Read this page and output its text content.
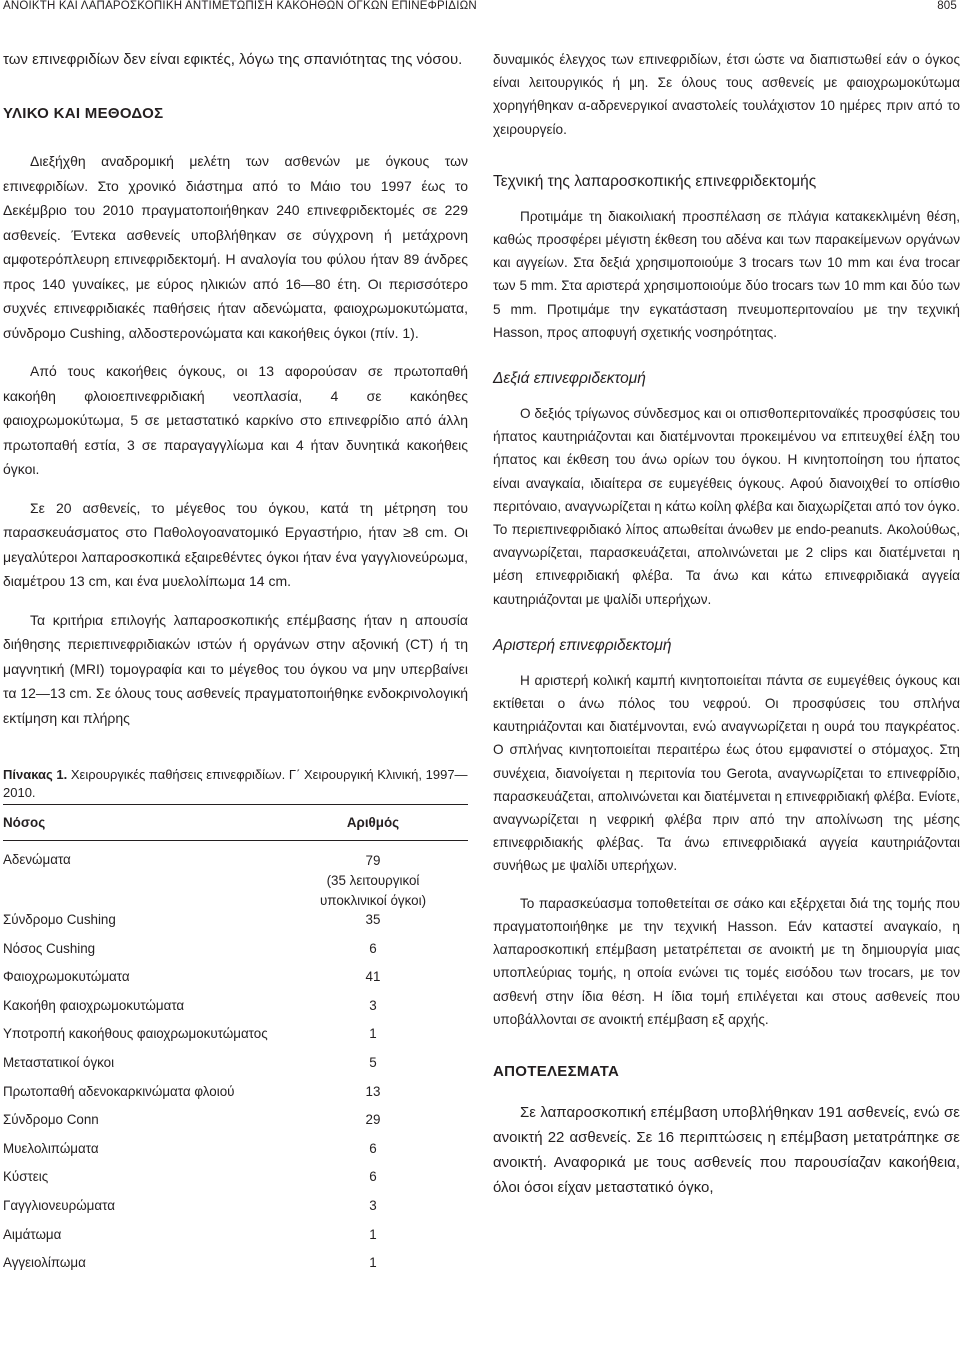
ΑΝΟΙΚΤΗ ΚΑΙ ΛΑΠΑΡΟΣΚΟΠΙΚΗ ΑΝΤΙΜΕΤΩΠΙΣΗ ΚΑΚΟΗΘΩΝ ΟΓΚΩΝ ΕΠΙΝΕΦΡΙΔΙΩΝ	805

των επινεφριδίων δεν είναι εφικτές, λόγω της σπανιότητας της νόσου.

ΥΛΙΚΟ ΚΑΙ ΜΕΘΟΔΟΣ

Διεξήχθη αναδρομική μελέτη των ασθενών με όγκους των επινεφριδίων. Στο χρονικό διάστημα από το Μάιο του 1997 έως το Δεκέμβριο του 2010 πραγματοποιήθηκαν 240 επινεφριδεκτομές σε 229 ασθενείς. Έντεκα ασθενείς υποβλήθηκαν σε σύγχρονη ή μετάχρονη αμφοτερόπλευρη επινεφριδεκτομή. Η αναλογία του φύλου ήταν 89 άνδρες προς 140 γυναίκες, με εύρος ηλικιών από 16—80 έτη. Οι περισσότερο συχνές επινεφριδιακές παθήσεις ήταν αδενώματα, φαιοχρωμοκυτώματα, σύνδρομο Cushing, αλδοστερονώματα και κακοήθεις όγκοι (πίν. 1).

Από τους κακοήθεις όγκους, οι 13 αφορούσαν σε πρωτοπαθή κακοήθη φλοιοεπινεφριδιακή νεοπλασία, 4 σε κακόηθες φαιοχρωμοκύτωμα, 5 σε μεταστατικό καρκίνο στο επινεφρίδιο από άλλη πρωτοπαθή εστία, 3 σε παραγαγγλίωμα και 4 ήταν δυνητικά κακοήθεις όγκοι.

Σε 20 ασθενείς, το μέγεθος του όγκου, κατά τη μέτρηση του παρασκευάσματος στο Παθολογοανατομικό Εργαστήριο, ήταν ≥8 cm. Οι μεγαλύτεροι λαπαροσκοπικά εξαιρεθέντες όγκοι ήταν ένα γαγγλιονεύρωμα, διαμέτρου 13 cm, και ένα μυελολίπωμα 14 cm.

Τα κριτήρια επιλογής λαπαροσκοπικής επέμβασης ήταν η απουσία διήθησης περιεπινεφριδιακών ιστών ή οργάνων στην αξονική (CT) ή τη μαγνητική (MRI) τομογραφία και το μέγεθος του όγκου να μην υπερβαίνει τα 12—13 cm. Σε όλους τους ασθενείς πραγματοποιήθηκε ενδοκρινολογική εκτίμηση και πλήρης

Πίνακας 1. Χειρουργικές παθήσεις επινεφριδίων. Γ΄ Χειρουργική Κλινική, 1997—2010.

Νόσος	Αριθμός
Αδενώματα	79
(35 λειτουργικοί
υποκλινικοί όγκοι)

Σύνδρομο Cushing	35
Νόσος Cushing	6
Φαιοχρωμοκυτώματα	41
Κακοήθη φαιοχρωμοκυτώματα	3
Υποτροπή κακοήθους φαιοχρωμοκυτώματος	1
Μεταστατικοί όγκοι	5
Πρωτοπαθή αδενοκαρκινώματα φλοιού	13
Σύνδρομο Conn	29
Μυελολιπώματα	6
Κύστεις	6
Γαγγλιονευρώματα	3
Αιμάτωμα	1
Αγγειολίπωμα	1

δυναμικός έλεγχος των επινεφριδίων, έτσι ώστε να διαπιστωθεί εάν ο όγκος είναι λειτουργικός ή μη. Σε όλους τους ασθενείς με φαιοχρωμοκύτωμα χορηγήθηκαν α-αδρενεργικοί αναστολείς τουλάχιστον 10 ημέρες πριν από το χειρουργείο.

Τεχνική της λαπαροσκοπικής επινεφριδεκτομής

Προτιμάμε τη διακοιλιακή προσπέλαση σε πλάγια κατακεκλιμένη θέση, καθώς προσφέρει μέγιστη έκθεση του αδένα και των παρακείμενων οργάνων και αγγείων. Στα δεξιά χρησιμοποιούμε 3 trocars των 10 mm και ένα trocar των 5 mm. Στα αριστερά χρησιμοποιούμε δύο trocars των 10 mm και δύο των 5 mm. Προτιμάμε την εγκατάσταση πνευμοπεριτοναίου με την τεχνική Hasson, προς αποφυγή σχετικής νοσηρότητας.

Δεξιά επινεφριδεκτομή

Ο δεξιός τρίγωνος σύνδεσμος και οι οπισθοπεριτοναϊκές προσφύσεις του ήπατος καυτηριάζονται και διατέμνονται προκειμένου να επιτευχθεί έλξη του ήπατος και έκθεση του άνω ορίων του όγκου. Η κινητοποίηση του ήπατος είναι αναγκαία, ιδιαίτερα σε ευμεγέθεις όγκους. Αφού διανοιχθεί το οπίσθιο περιτόναιο, αναγνωρίζεται η κάτω κοίλη φλέβα και διαχωρίζεται από τον όγκο. Το περιεπινεφριδιακό λίπος απωθείται άνωθεν με endo-peanuts. Ακολούθως, αναγνωρίζεται, παρασκευάζεται, απολινώνεται με 2 clips και διατέμνεται η μέση επινεφριδιακή φλέβα. Τα άνω και κάτω επινεφριδιακά αγγεία καυτηριάζονται με ψαλίδι υπερήχων.

Αριστερή επινεφριδεκτομή

Η αριστερή κολική καμπή κινητοποιείται πάντα σε ευμεγέθεις όγκους και εκτίθεται ο άνω πόλος του νεφρού. Οι προσφύσεις του σπλήνα καυτηριάζονται και διατέμνονται, ενώ αναγνωρίζεται η ουρά του παγκρέατος. Ο σπλήνας κινητοποιείται περαιτέρω έως ότου εμφανιστεί ο στόμαχος. Στη συνέχεια, διανοίγεται η περιτονία του Gerota, αναγνωρίζεται το επινεφρίδιο, παρασκευάζεται, απολινώνεται και διατέμνεται η επινεφριδιακή φλέβα. Ενίοτε, αναγνωρίζεται η νεφρική φλέβα πριν από την απολίνωση της μέσης επινεφριδιακής φλέβας. Τα άνω επινεφριδιακά αγγεία καυτηριάζονται συνήθως με ψαλίδι υπερήχων.

Το παρασκεύασμα τοποθετείται σε σάκο και εξέρχεται διά της τομής που πραγματοποιήθηκε με την τεχνική Hasson. Εάν καταστεί αναγκαίο, η λαπαροσκοπική επέμβαση μετατρέπεται σε ανοικτή με τη δημιουργία μιας υποπλεύριας τομής, η οποία ενώνει τις τομές εισόδου των trocars, με τον ασθενή στην ίδια θέση. Η ίδια τομή επιλέγεται και στους ασθενείς που υποβάλλονται σε ανοικτή επέμβαση εξ αρχής.

ΑΠΟΤΕΛΕΣΜΑΤΑ

Σε λαπαροσκοπική επέμβαση υποβλήθηκαν 191 ασθενείς, ενώ σε ανοικτή 22 ασθενείς. Σε 16 περιπτώσεις η επέμβαση μετατράπηκε σε ανοικτή. Αναφορικά με τους ασθενείς που παρουσίαζαν κακοήθεια, όλοι όσοι είχαν μεταστατικό όγκο,
